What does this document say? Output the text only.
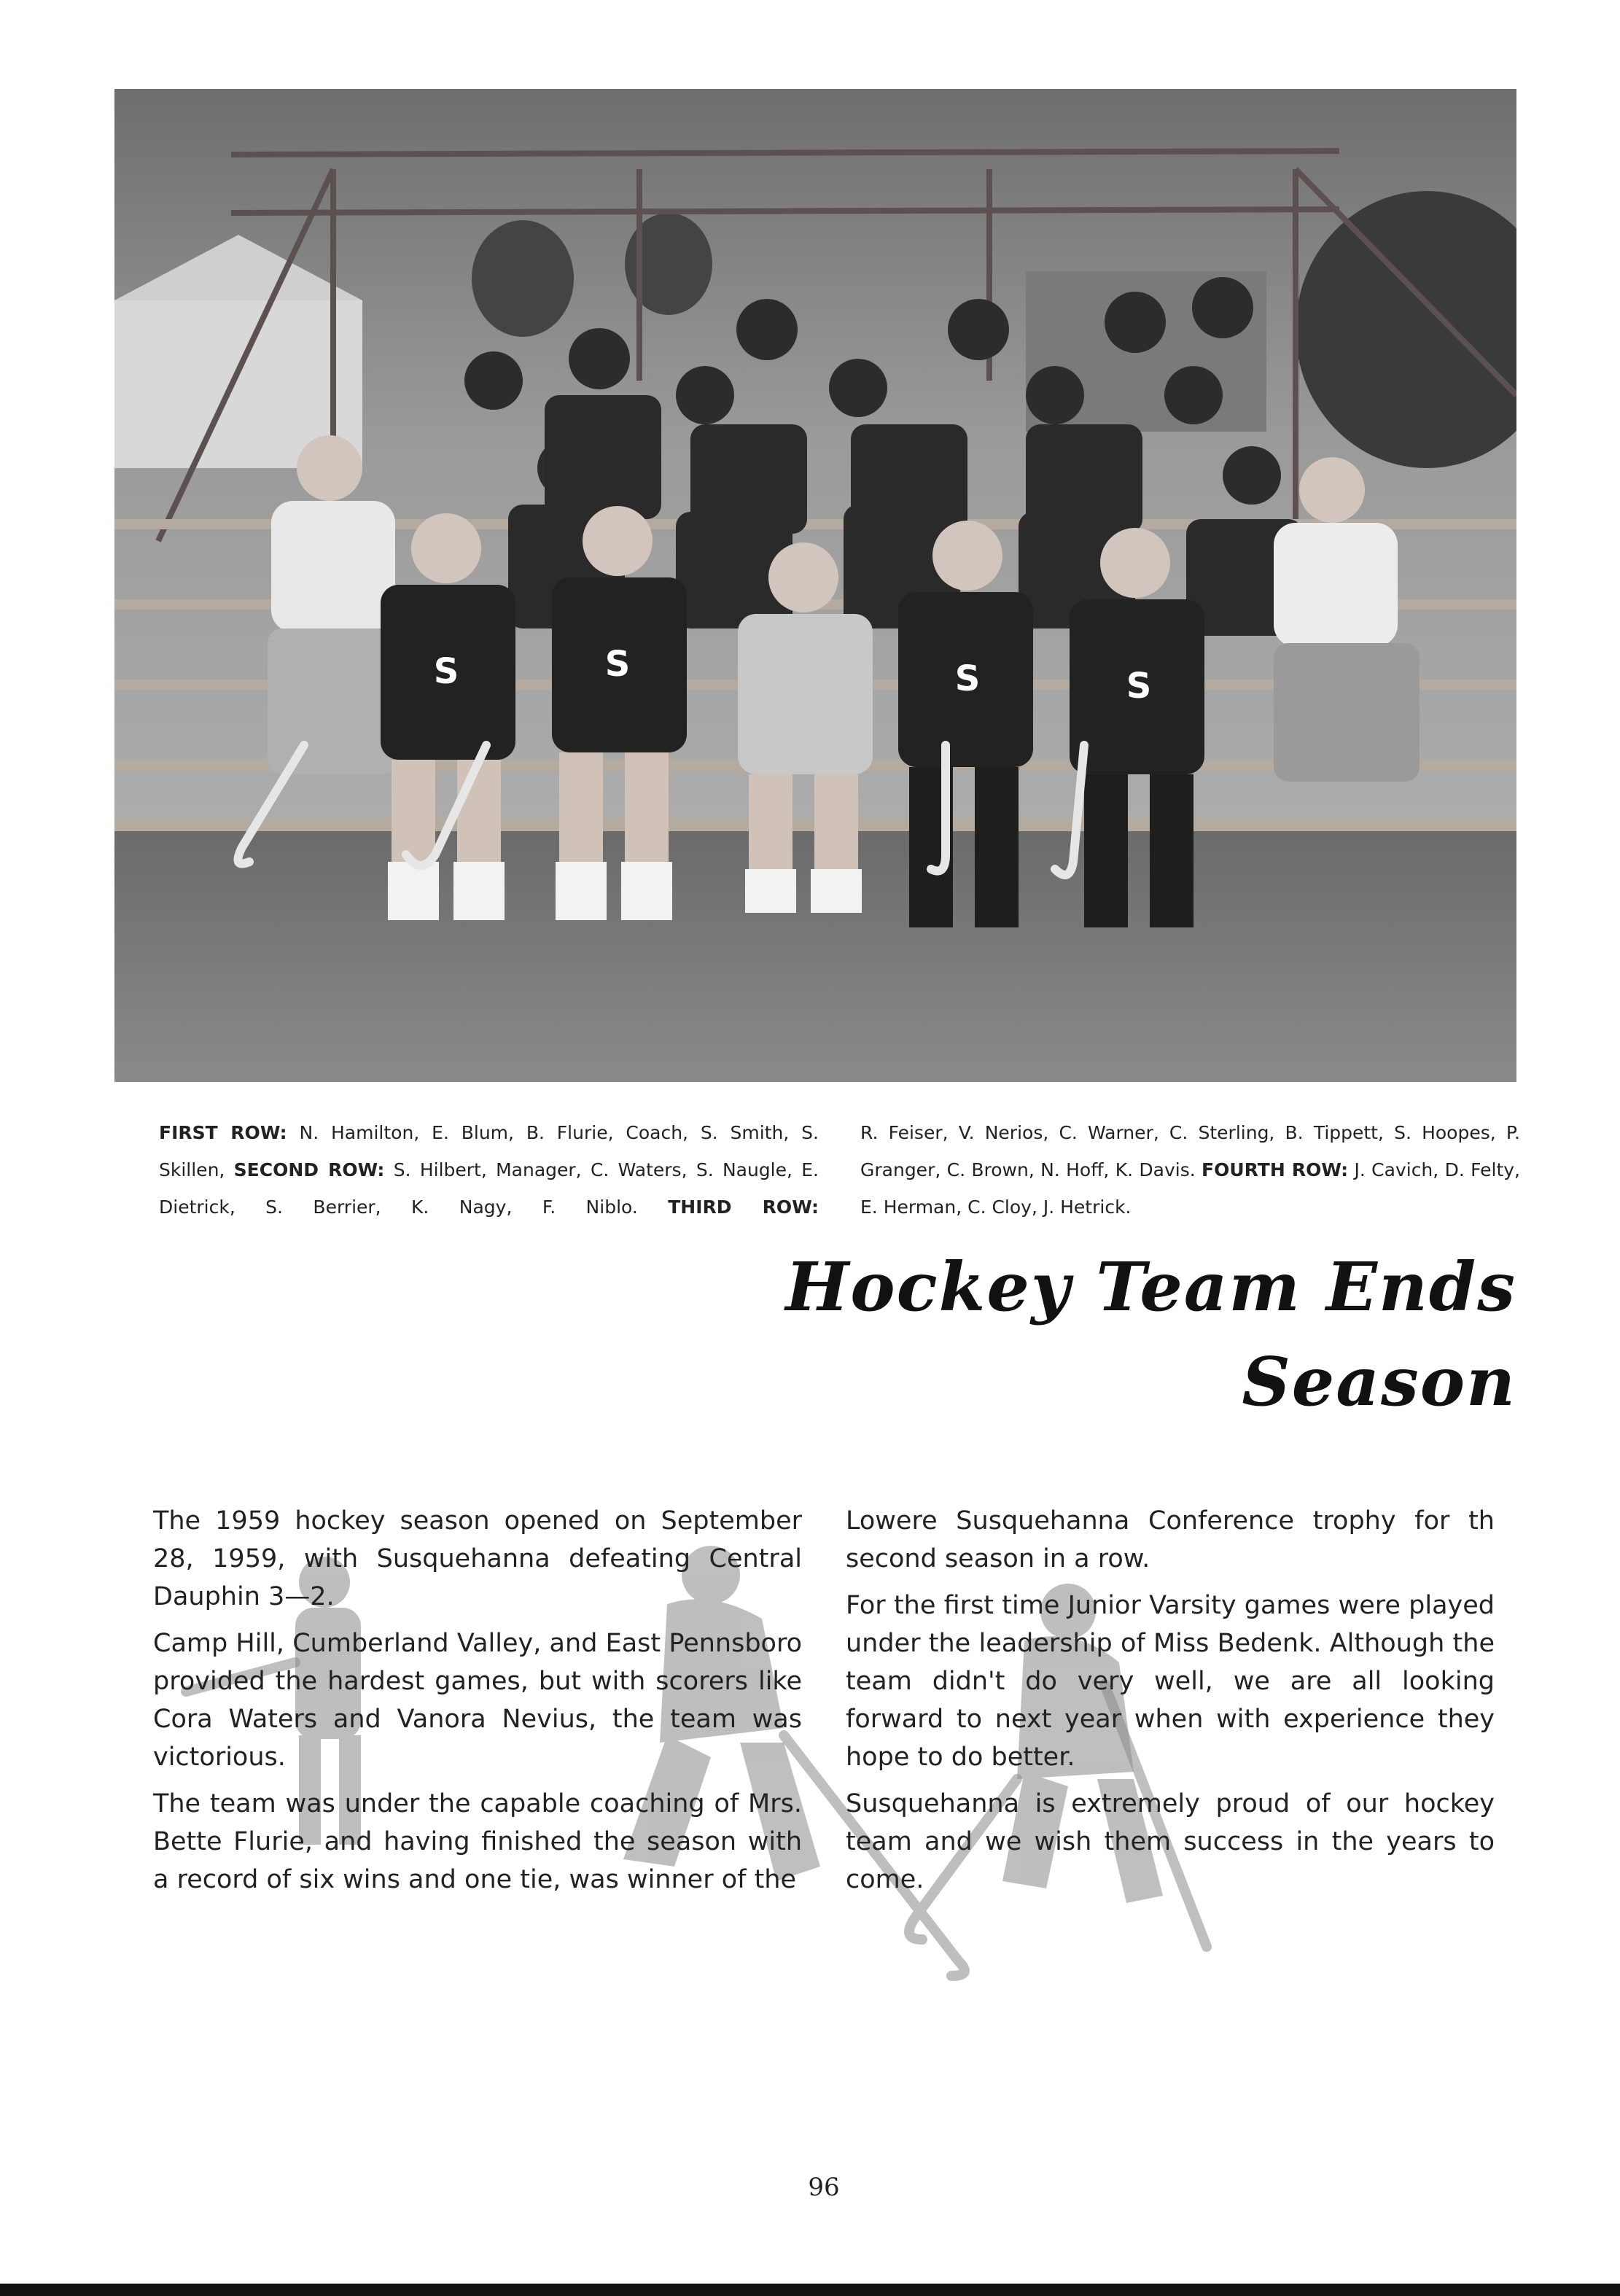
S	S	S	S
FIRST ROW: N. Hamilton, E. Blum, B. Flurie, Coach, S. Smith, S. Skillen, SECOND ROW: S. Hilbert, Manager, C. Waters, S. Naugle, E. Dietrick, S. Berrier, K. Nagy, F. Niblo. THIRD ROW:
R. Feiser, V. Nerios, C. Warner, C. Sterling, B. Tippett, S. Hoopes, P. Granger, C. Brown, N. Hoff, K. Davis. FOURTH ROW: J. Cavich, D. Felty, E. Herman, C. Cloy, J. Hetrick.
Hockey Team Ends Season

The 1959 hockey season opened on September 28, 1959, with Susquehanna defeating Central Dauphin 3—2.

Camp Hill, Cumberland Valley, and East Pennsboro provided the hardest games, but with scorers like Cora Waters and Vanora Nevius, the team was victorious.

The team was under the capable coaching of Mrs. Bette Flurie, and having finished the season with a record of six wins and one tie, was winner of the

Lowere Susquehanna Conference trophy for th second season in a row.

For the first time Junior Varsity games were played under the leadership of Miss Bedenk. Although the team didn't do very well, we are all looking forward to next year when with experience they hope to do better.

Susquehanna is extremely proud of our hockey team and we wish them success in the years to come.

96
